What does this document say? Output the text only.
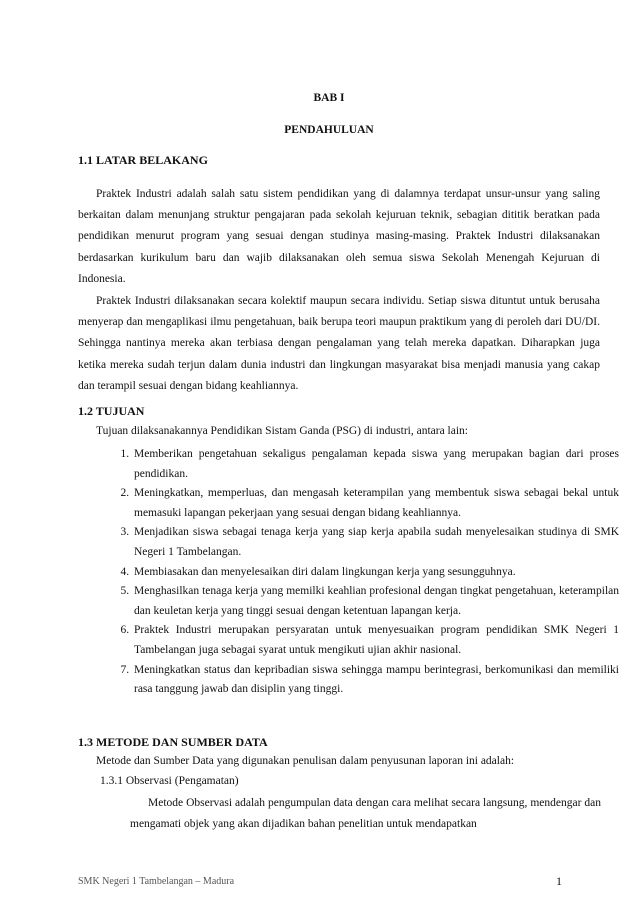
BAB I
PENDAHULUAN
1.1 LATAR BELAKANG

Praktek Industri adalah salah satu sistem pendidikan yang di dalamnya terdapat unsur-unsur yang saling berkaitan dalam menunjang struktur pengajaran pada sekolah kejuruan teknik, sebagian dititik beratkan pada pendidikan menurut program yang sesuai dengan studinya masing-masing. Praktek Industri dilaksanakan berdasarkan kurikulum baru dan wajib dilaksanakan oleh semua siswa Sekolah Menengah Kejuruan di Indonesia.

Praktek Industri dilaksanakan secara kolektif maupun secara individu. Setiap siswa dituntut untuk berusaha menyerap dan mengaplikasi ilmu pengetahuan, baik berupa teori maupun praktikum yang di peroleh dari DU/DI. Sehingga nantinya mereka akan terbiasa dengan pengalaman yang telah mereka dapatkan. Diharapkan juga ketika mereka sudah terjun dalam dunia industri dan lingkungan masyarakat bisa menjadi manusia yang cakap dan terampil sesuai dengan bidang keahliannya.

1.2 TUJUAN
Tujuan dilaksanakannya Pendidikan Sistam Ganda (PSG) di industri, antara lain:
1. Memberikan pengetahuan sekaligus pengalaman kepada siswa yang merupakan bagian dari proses pendidikan.
2. Meningkatkan, memperluas, dan mengasah keterampilan yang membentuk siswa sebagai bekal untuk memasuki lapangan pekerjaan yang sesuai dengan bidang keahliannya.
3. Menjadikan siswa sebagai tenaga kerja yang siap kerja apabila sudah menyelesaikan studinya di SMK Negeri 1 Tambelangan.
4. Membiasakan dan menyelesaikan diri dalam lingkungan kerja yang sesungguhnya.
5. Menghasilkan tenaga kerja yang memilki keahlian profesional dengan tingkat pengetahuan, keterampilan dan keuletan kerja yang tinggi sesuai dengan ketentuan lapangan kerja.
6. Praktek Industri merupakan persyaratan untuk menyesuaikan program pendidikan SMK Negeri 1 Tambelangan juga sebagai syarat untuk mengikuti ujian akhir nasional.
7. Meningkatkan status dan kepribadian siswa sehingga mampu berintegrasi, berkomunikasi dan memiliki rasa tanggung jawab dan disiplin yang tinggi.
1.3 METODE DAN SUMBER DATA
Metode dan Sumber Data yang digunakan penulisan dalam penyusunan laporan ini adalah:
1.3.1 Observasi (Pengamatan)

Metode Observasi adalah pengumpulan data dengan cara melihat secara langsung, mendengar dan mengamati objek yang akan dijadikan bahan penelitian untuk mendapatkan

SMK Negeri 1 Tambelangan – Madura	1
